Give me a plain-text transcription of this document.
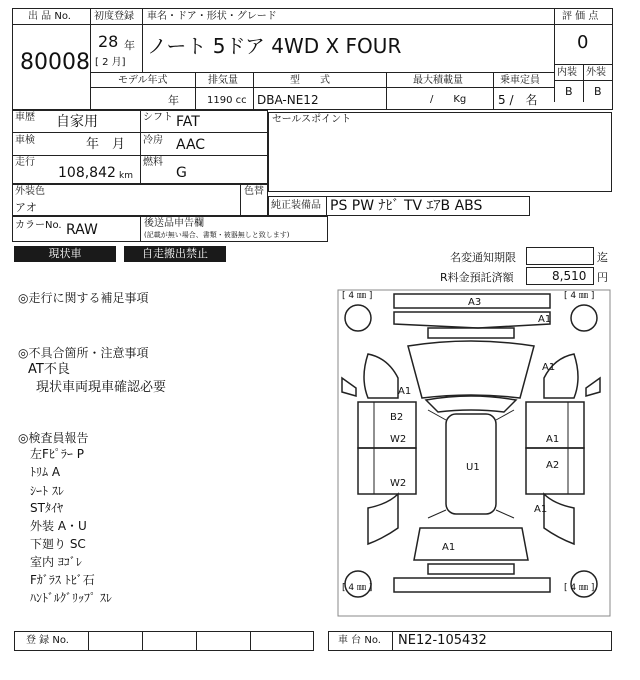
出 品 No.
80008
初度登録
28 年
[ 2 月]
車名・ドア・形状・グレード
ノート 5ドア 4WD X FOUR
評 価 点
0
内装 外装
B B
モデル年式
年
排気量
1190 cc
型　　式
DBA-NE12
最大積載量
/　　Kg
乗車定員
5 /　名
車歴 自家用
車検	年　月
走行
108,842 km
シフト FAT
冷房 AAC
燃料
G
セールスポイント
外装色
アオ
色替
純正装備品 PS PW ﾅﾋﾞ TV ｴｱB ABS
カラーNo. RAW	後送品申告欄
(記載が無い場合、書類・被器無しと致します)
現状車	自走搬出禁止	名変通知期限	迄
R料金預託済額	8,510 円
◎走行に関する補足事項
◎不具合箇所・注意事項
AT不良
現状車両現車確認必要
◎検査員報告
左Fﾋﾟﾗｰ P
ﾄﾘﾑ A
ｼｰﾄ ｽﾚ
STﾀｲﾔ
外装 A・U
下廻り SC
室内 ﾖｺﾞﾚ
Fｶﾞﾗｽ ﾄﾋﾞ石
ﾊﾝﾄﾞﾙｸﾞﾘｯﾌﾟ ｽﾚ
[ 4 ㎜ ]	[ 4 ㎜ ]
[ 4 ㎜ ]	[ 4 ㎜ ]
A3
A1
A1
A1
B2
W2
W2
A1
A2
A1
U1
A1
登 録 No.	車 台 No. NE12-105432
